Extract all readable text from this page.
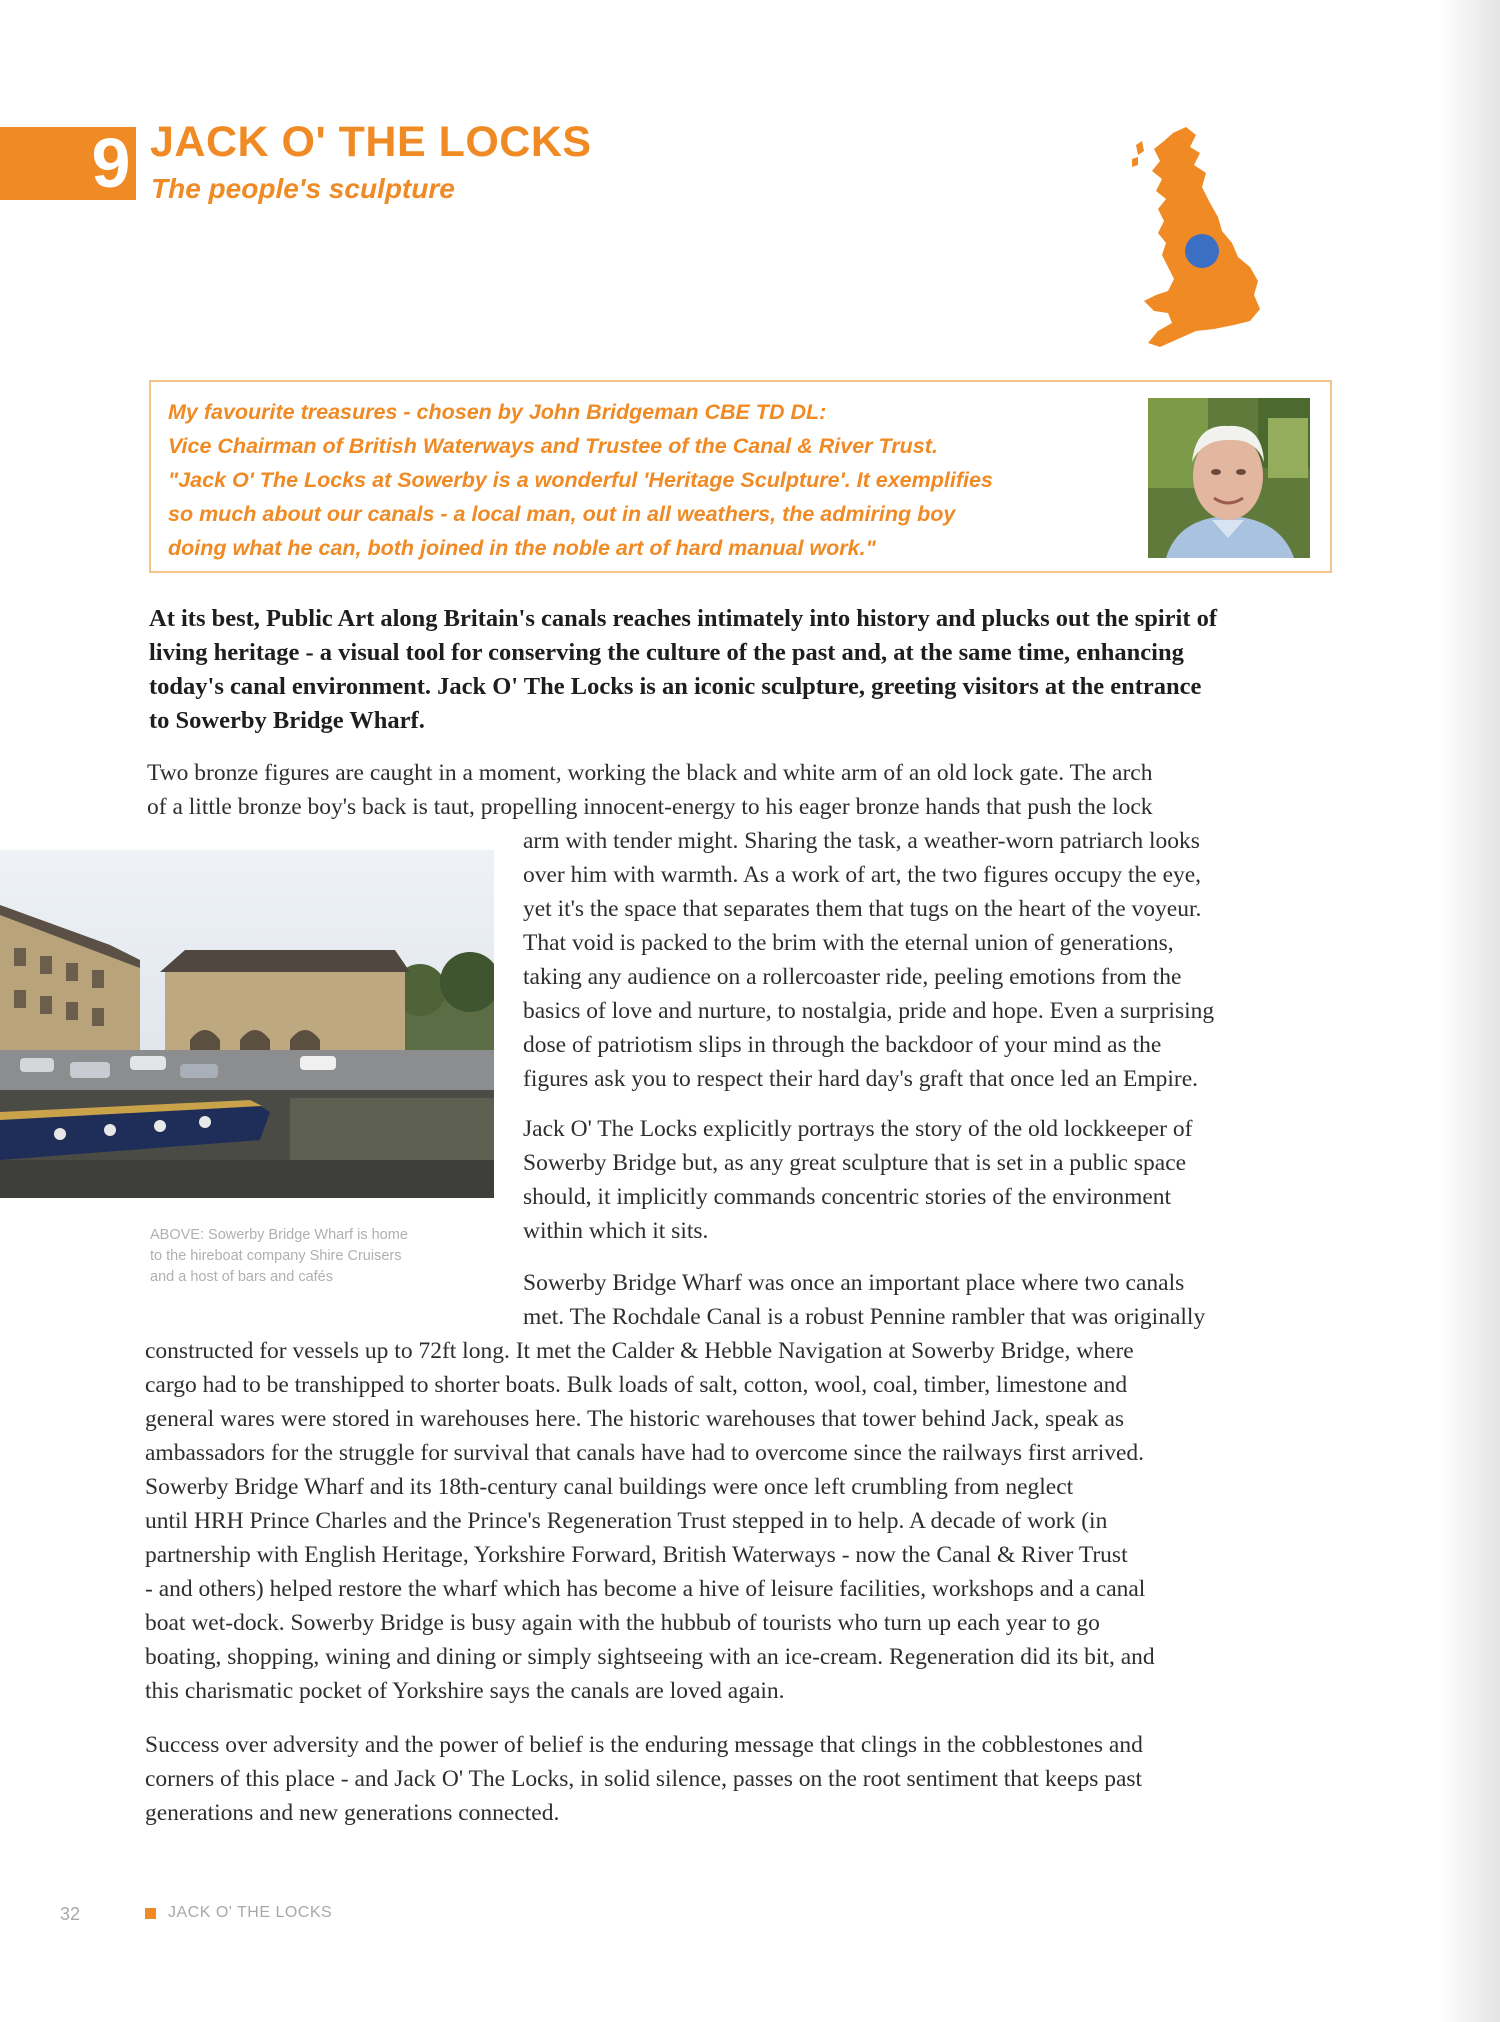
9 JACK O' THE LOCKS
The people's sculpture
My favourite treasures - chosen by John Bridgeman CBE TD DL:
Vice Chairman of British Waterways and Trustee of the Canal & River Trust.
"Jack O' The Locks at Sowerby is a wonderful 'Heritage Sculpture'. It exemplifies
so much about our canals - a local man, out in all weathers, the admiring boy
doing what he can, both joined in the noble art of hard manual work."
At its best, Public Art along Britain's canals reaches intimately into history and plucks out the spirit of
living heritage - a visual tool for conserving the culture of the past and, at the same time, enhancing
today's canal environment. Jack O' The Locks is an iconic sculpture, greeting visitors at the entrance
to Sowerby Bridge Wharf.
Two bronze figures are caught in a moment, working the black and white arm of an old lock gate. The arch
of a little bronze boy's back is taut, propelling innocent-energy to his eager bronze hands that push the lock
arm with tender might. Sharing the task, a weather-worn patriarch looks
over him with warmth. As a work of art, the two figures occupy the eye,
yet it's the space that separates them that tugs on the heart of the voyeur.
That void is packed to the brim with the eternal union of generations,
taking any audience on a rollercoaster ride, peeling emotions from the
basics of love and nurture, to nostalgia, pride and hope. Even a surprising
dose of patriotism slips in through the backdoor of your mind as the
figures ask you to respect their hard day's graft that once led an Empire.
Jack O' The Locks explicitly portrays the story of the old lockkeeper of
Sowerby Bridge but, as any great sculpture that is set in a public space
should, it implicitly commands concentric stories of the environment
within which it sits.
Sowerby Bridge Wharf was once an important place where two canals
met. The Rochdale Canal is a robust Pennine rambler that was originally
constructed for vessels up to 72ft long. It met the Calder & Hebble Navigation at Sowerby Bridge, where
cargo had to be transhipped to shorter boats. Bulk loads of salt, cotton, wool, coal, timber, limestone and
general wares were stored in warehouses here. The historic warehouses that tower behind Jack, speak as
ambassadors for the struggle for survival that canals have had to overcome since the railways first arrived.
Sowerby Bridge Wharf and its 18th-century canal buildings were once left crumbling from neglect
until HRH Prince Charles and the Prince's Regeneration Trust stepped in to help. A decade of work (in
partnership with English Heritage, Yorkshire Forward, British Waterways - now the Canal & River Trust
- and others) helped restore the wharf which has become a hive of leisure facilities, workshops and a canal
boat wet-dock. Sowerby Bridge is busy again with the hubbub of tourists who turn up each year to go
boating, shopping, wining and dining or simply sightseeing with an ice-cream. Regeneration did its bit, and
this charismatic pocket of Yorkshire says the canals are loved again.
Success over adversity and the power of belief is the enduring message that clings in the cobblestones and
corners of this place - and Jack O' The Locks, in solid silence, passes on the root sentiment that keeps past
generations and new generations connected.
ABOVE: Sowerby Bridge Wharf is home
to the hireboat company Shire Cruisers
and a host of bars and cafés
32	JACK O' THE LOCKS
